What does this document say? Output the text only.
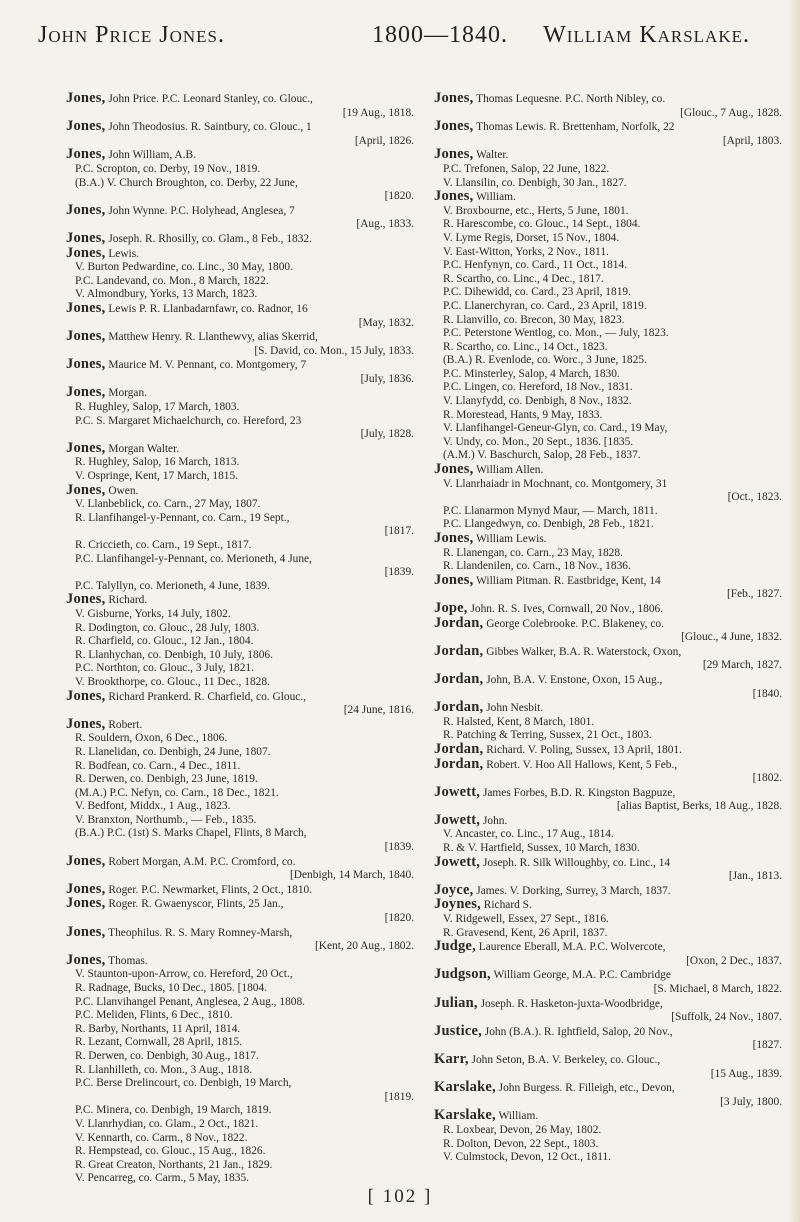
John Price Jones.	1800—1840. William Karslake.
Jones, John Price. P.C. Leonard Stanley, co. Glouc.,
[19 Aug., 1818.
Jones, John Theodosius. R. Saintbury, co. Glouc., 1
[April, 1826.
Jones, John William, A.B.
P.C. Scropton, co. Derby, 19 Nov., 1819.
(B.A.) V. Church Broughton, co. Derby, 22 June,
[1820.
Jones, John Wynne. P.C. Holyhead, Anglesea, 7
[Aug., 1833.
Jones, Joseph. R. Rhosilly, co. Glam., 8 Feb., 1832.
Jones, Lewis.
V. Burton Pedwardine, co. Linc., 30 May, 1800.
P.C. Landevand, co. Mon., 8 March, 1822.
V. Almondbury, Yorks, 13 March, 1823.
Jones, Lewis P. R. Llanbadarnfawr, co. Radnor, 16
[May, 1832.
Jones, Matthew Henry. R. Llanthewvy, alias Skerrid,
[S. David, co. Mon., 15 July, 1833.
Jones, Maurice M. V. Pennant, co. Montgomery, 7
[July, 1836.
Jones, Morgan.
R. Hughley, Salop, 17 March, 1803.
P.C. S. Margaret Michaelchurch, co. Hereford, 23
[July, 1828.
Jones, Morgan Walter.
R. Hughley, Salop, 16 March, 1813.
V. Ospringe, Kent, 17 March, 1815.
Jones, Owen.
V. Llanbeblick, co. Carn., 27 May, 1807.
R. Llanfihangel-y-Pennant, co. Carn., 19 Sept.,
[1817.
R. Criccieth, co. Carn., 19 Sept., 1817.
P.C. Llanfihangel-y-Pennant, co. Merioneth, 4 June,
[1839.
P.C. Talyllyn, co. Merioneth, 4 June, 1839.
Jones, Richard.
V. Gisburne, Yorks, 14 July, 1802.
R. Dodington, co. Glouc., 28 July, 1803.
R. Charfield, co. Glouc., 12 Jan., 1804.
R. Llanhychan, co. Denbigh, 10 July, 1806.
P.C. Northton, co. Glouc., 3 July, 1821.
V. Brookthorpe, co. Glouc., 11 Dec., 1828.
Jones, Richard Prankerd. R. Charfield, co. Glouc.,
[24 June, 1816.
Jones, Robert.
R. Souldern, Oxon, 6 Dec., 1806.
R. Llanelidan, co. Denbigh, 24 June, 1807.
R. Bodfean, co. Carn., 4 Dec., 1811.
R. Derwen, co. Denbigh, 23 June, 1819.
(M.A.) P.C. Nefyn, co. Carn., 18 Dec., 1821.
V. Bedfont, Middx., 1 Aug., 1823.
V. Branxton, Northumb., — Feb., 1835.
(B.A.) P.C. (1st) S. Marks Chapel, Flints, 8 March,
[1839.
Jones, Robert Morgan, A.M. P.C. Cromford, co.
[Denbigh, 14 March, 1840.
Jones, Roger. P.C. Newmarket, Flints, 2 Oct., 1810.
Jones, Roger. R. Gwaenyscor, Flints, 25 Jan.,
[1820.
Jones, Theophilus. R. S. Mary Romney-Marsh,
[Kent, 20 Aug., 1802.
Jones, Thomas.
V. Staunton-upon-Arrow, co. Hereford, 20 Oct.,
R. Radnage, Bucks, 10 Dec., 1805. [1804.
P.C. Llanvihangel Penant, Anglesea, 2 Aug., 1808.
P.C. Meliden, Flints, 6 Dec., 1810.
R. Barby, Northants, 11 April, 1814.
R. Lezant, Cornwall, 28 April, 1815.
R. Derwen, co. Denbigh, 30 Aug., 1817.
R. Llanhilleth, co. Mon., 3 Aug., 1818.
P.C. Berse Drelincourt, co. Denbigh, 19 March,
[1819.
P.C. Minera, co. Denbigh, 19 March, 1819.
V. Llanrhydian, co. Glam., 2 Oct., 1821.
V. Kennarth, co. Carm., 8 Nov., 1822.
R. Hempstead, co. Glouc., 15 Aug., 1826.
R. Great Creaton, Northants, 21 Jan., 1829.
V. Pencarreg, co. Carm., 5 May, 1835.
Jones, Thomas Lequesne. P.C. North Nibley, co.
[Glouc., 7 Aug., 1828.
Jones, Thomas Lewis. R. Brettenham, Norfolk, 22
[April, 1803.
Jones, Walter.
P.C. Trefonen, Salop, 22 June, 1822.
V. Llansilin, co. Denbigh, 30 Jan., 1827.
Jones, William.
V. Broxbourne, etc., Herts, 5 June, 1801.
R. Harescombe, co. Glouc., 14 Sept., 1804.
V. Lyme Regis, Dorset, 15 Nov., 1804.
V. East-Witton, Yorks, 2 Nov., 1811.
P.C. Henfynyn, co. Card., 11 Oct., 1814.
R. Scartho, co. Linc., 4 Dec., 1817.
P.C. Dihewidd, co. Card., 23 April, 1819.
P.C. Llanerchyran, co. Card., 23 April, 1819.
R. Llanvillo, co. Brecon, 30 May, 1823.
P.C. Peterstone Wentlog, co. Mon., — July, 1823.
R. Scartho, co. Linc., 14 Oct., 1823.
(B.A.) R. Evenlode, co. Worc., 3 June, 1825.
P.C. Minsterley, Salop, 4 March, 1830.
P.C. Lingen, co. Hereford, 18 Nov., 1831.
V. Llanyfydd, co. Denbigh, 8 Nov., 1832.
R. Morestead, Hants, 9 May, 1833.
V. Llanfihangel-Geneur-Glyn, co. Card., 19 May,
V. Undy, co. Mon., 20 Sept., 1836. [1835.
(A.M.) V. Baschurch, Salop, 28 Feb., 1837.
Jones, William Allen.
V. Llanrhaiadr in Mochnant, co. Montgomery, 31
[Oct., 1823.
P.C. Llanarmon Mynyd Maur, — March, 1811.
P.C. Llangedwyn, co. Denbigh, 28 Feb., 1821.
Jones, William Lewis.
R. Llanengan, co. Carn., 23 May, 1828.
R. Llandenilen, co. Carn., 18 Nov., 1836.
Jones, William Pitman. R. Eastbridge, Kent, 14
[Feb., 1827.
Jope, John. R. S. Ives, Cornwall, 20 Nov., 1806.
Jordan, George Colebrooke. P.C. Blakeney, co.
[Glouc., 4 June, 1832.
Jordan, Gibbes Walker, B.A. R. Waterstock, Oxon,
[29 March, 1827.
Jordan, John, B.A. V. Enstone, Oxon, 15 Aug.,
[1840.
Jordan, John Nesbit.
R. Halsted, Kent, 8 March, 1801.
R. Patching & Terring, Sussex, 21 Oct., 1803.
Jordan, Richard. V. Poling, Sussex, 13 April, 1801.
Jordan, Robert. V. Hoo All Hallows, Kent, 5 Feb.,
[1802.
Jowett, James Forbes, B.D. R. Kingston Bagpuze,
[alias Baptist, Berks, 18 Aug., 1828.
Jowett, John.
V. Ancaster, co. Linc., 17 Aug., 1814.
R. & V. Hartfield, Sussex, 10 March, 1830.
Jowett, Joseph. R. Silk Willoughby, co. Linc., 14
[Jan., 1813.
Joyce, James. V. Dorking, Surrey, 3 March, 1837.
Joynes, Richard S.
V. Ridgewell, Essex, 27 Sept., 1816.
R. Gravesend, Kent, 26 April, 1837.
Judge, Laurence Eberall, M.A. P.C. Wolvercote,
[Oxon, 2 Dec., 1837.
Judgson, William George, M.A. P.C. Cambridge
[S. Michael, 8 March, 1822.
Julian, Joseph. R. Hasketon-juxta-Woodbridge,
[Suffolk, 24 Nov., 1807.
Justice, John (B.A.). R. Ightfield, Salop, 20 Nov.,
[1827.
Karr, John Seton, B.A. V. Berkeley, co. Glouc.,
[15 Aug., 1839.
Karslake, John Burgess. R. Filleigh, etc., Devon,
[3 July, 1800.
Karslake, William.
R. Loxbear, Devon, 26 May, 1802.
R. Dolton, Devon, 22 Sept., 1803.
V. Culmstock, Devon, 12 Oct., 1811.
[ 102 ]
